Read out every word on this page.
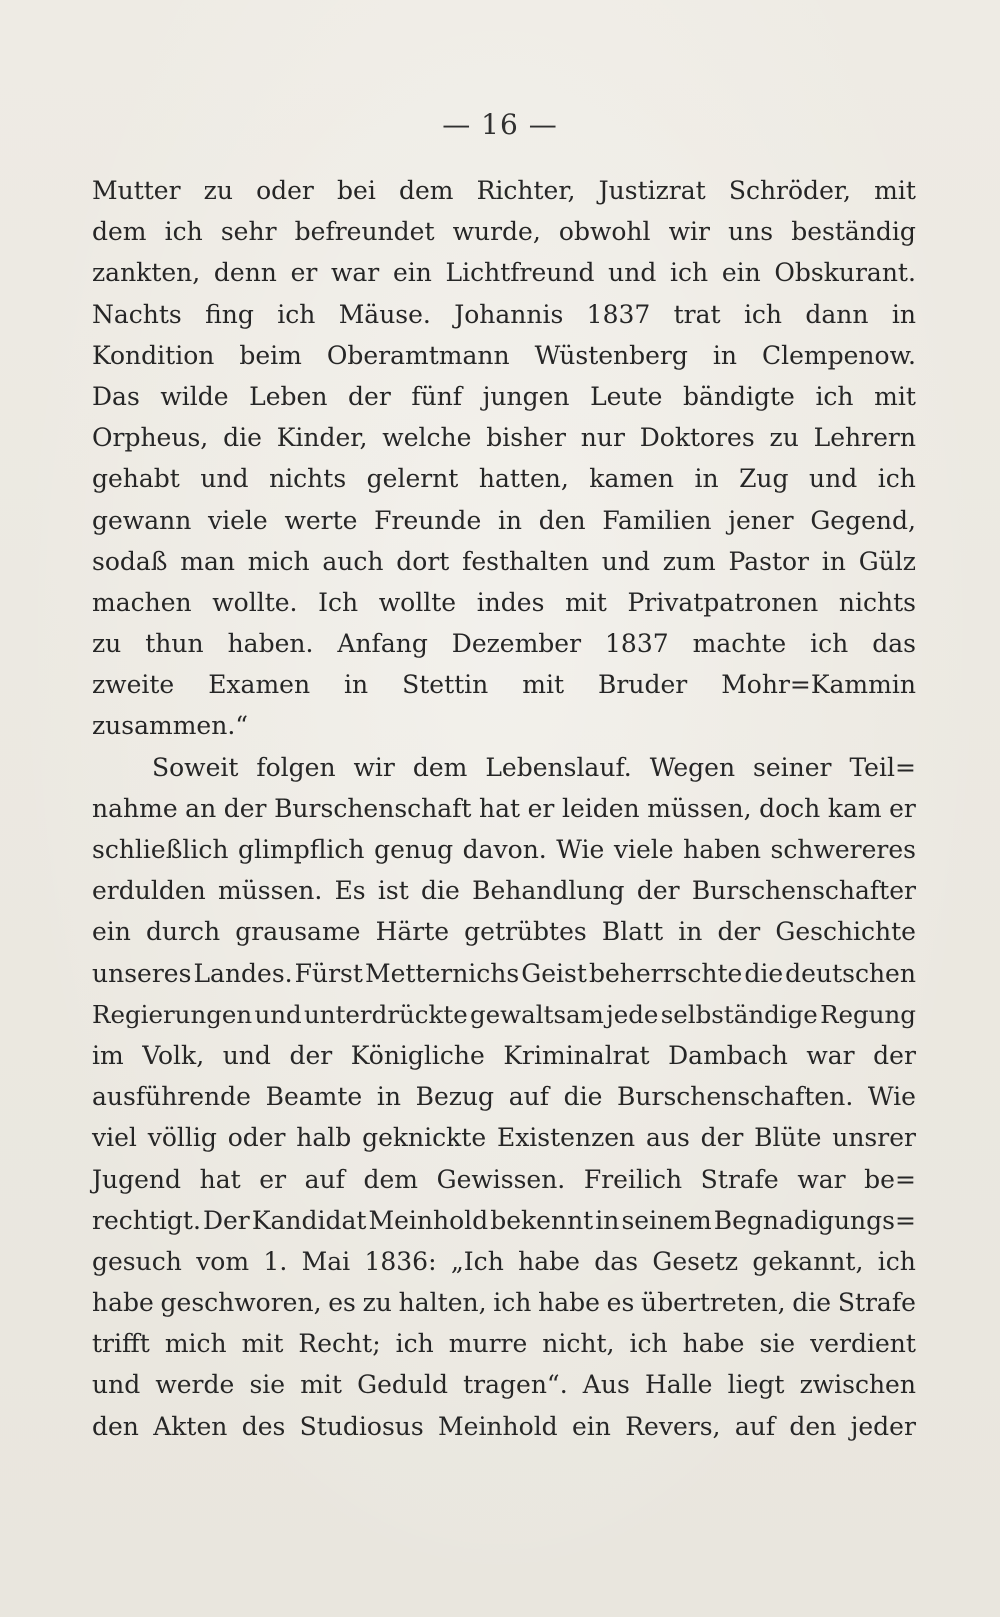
— 16 —
Mutter zu oder bei dem Richter, Justizrat Schröder, mit
dem ich sehr befreundet wurde, obwohl wir uns beständig
zankten, denn er war ein Lichtfreund und ich ein Obskurant.
Nachts fing ich Mäuse. Johannis 1837 trat ich dann in
Kondition beim Oberamtmann Wüstenberg in Clempenow.
Das wilde Leben der fünf jungen Leute bändigte ich mit
Orpheus, die Kinder, welche bisher nur Doktores zu Lehrern
gehabt und nichts gelernt hatten, kamen in Zug und ich
gewann viele werte Freunde in den Familien jener Gegend,
sodaß man mich auch dort festhalten und zum Pastor in Gülz
machen wollte. Ich wollte indes mit Privatpatronen nichts
zu thun haben. Anfang Dezember 1837 machte ich das
zweite Examen in Stettin mit Bruder Mohr=Kammin
zusammen.“
Soweit folgen wir dem Lebenslauf. Wegen seiner Teil=
nahme an der Burschenschaft hat er leiden müssen, doch kam er
schließlich glimpflich genug davon. Wie viele haben schwereres
erdulden müssen. Es ist die Behandlung der Burschenschafter
ein durch grausame Härte getrübtes Blatt in der Geschichte
unseres Landes. Fürst Metternichs Geist beherrschte die deutschen
Regierungen und unterdrückte gewaltsam jede selbständige Regung
im Volk, und der Königliche Kriminalrat Dambach war der
ausführende Beamte in Bezug auf die Burschenschaften. Wie
viel völlig oder halb geknickte Existenzen aus der Blüte unsrer
Jugend hat er auf dem Gewissen. Freilich Strafe war be=
rechtigt. Der Kandidat Meinhold bekennt in seinem Begnadigungs=
gesuch vom 1. Mai 1836: „Ich habe das Gesetz gekannt, ich
habe geschworen, es zu halten, ich habe es übertreten, die Strafe
trifft mich mit Recht; ich murre nicht, ich habe sie verdient
und werde sie mit Geduld tragen“. Aus Halle liegt zwischen
den Akten des Studiosus Meinhold ein Revers, auf den jeder
